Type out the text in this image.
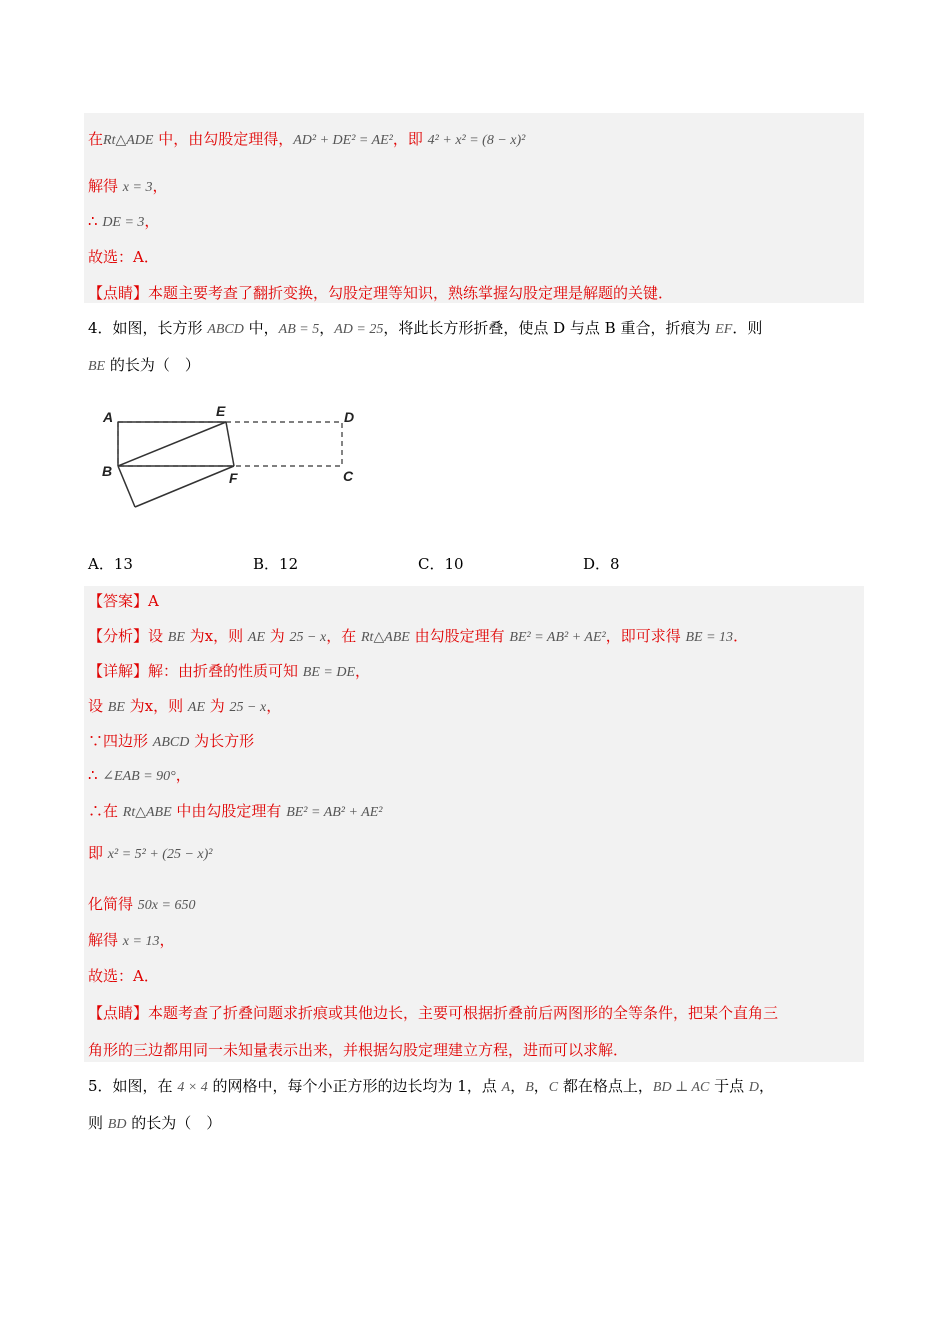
在Rt△ADE 中，由勾股定理得，AD² + DE² = AE²，即 4² + x² = (8 − x)²
解得 x = 3，
∴ DE = 3，
故选：A．
【点睛】本题主要考查了翻折变换，勾股定理等知识，熟练掌握勾股定理是解题的关键．
4．如图，长方形 ABCD 中，AB = 5，AD = 25，将此长方形折叠，使点 D 与点 B 重合，折痕为 EF．则
BE 的长为（　）
A	E	D
B	F	C
A．13	B．12	C．10	D．8
【答案】A
【分析】设 BE 为x，则 AE 为 25 − x，在 Rt△ABE 由勾股定理有 BE² = AB² + AE²，即可求得 BE = 13．
【详解】解：由折叠的性质可知 BE = DE，
设 BE 为x，则 AE 为 25 − x，
∵四边形 ABCD 为长方形
∴ ∠EAB = 90°，
∴在 Rt△ABE 中由勾股定理有 BE² = AB² + AE²
即 x² = 5² + (25 − x)²
化简得 50x = 650
解得 x = 13，
故选：A．
【点睛】本题考查了折叠问题求折痕或其他边长，主要可根据折叠前后两图形的全等条件，把某个直角三
角形的三边都用同一未知量表示出来，并根据勾股定理建立方程，进而可以求解．
5．如图，在 4 × 4 的网格中，每个小正方形的边长均为 1，点 A，B，C 都在格点上，BD ⊥ AC 于点 D，
则 BD 的长为（　）
